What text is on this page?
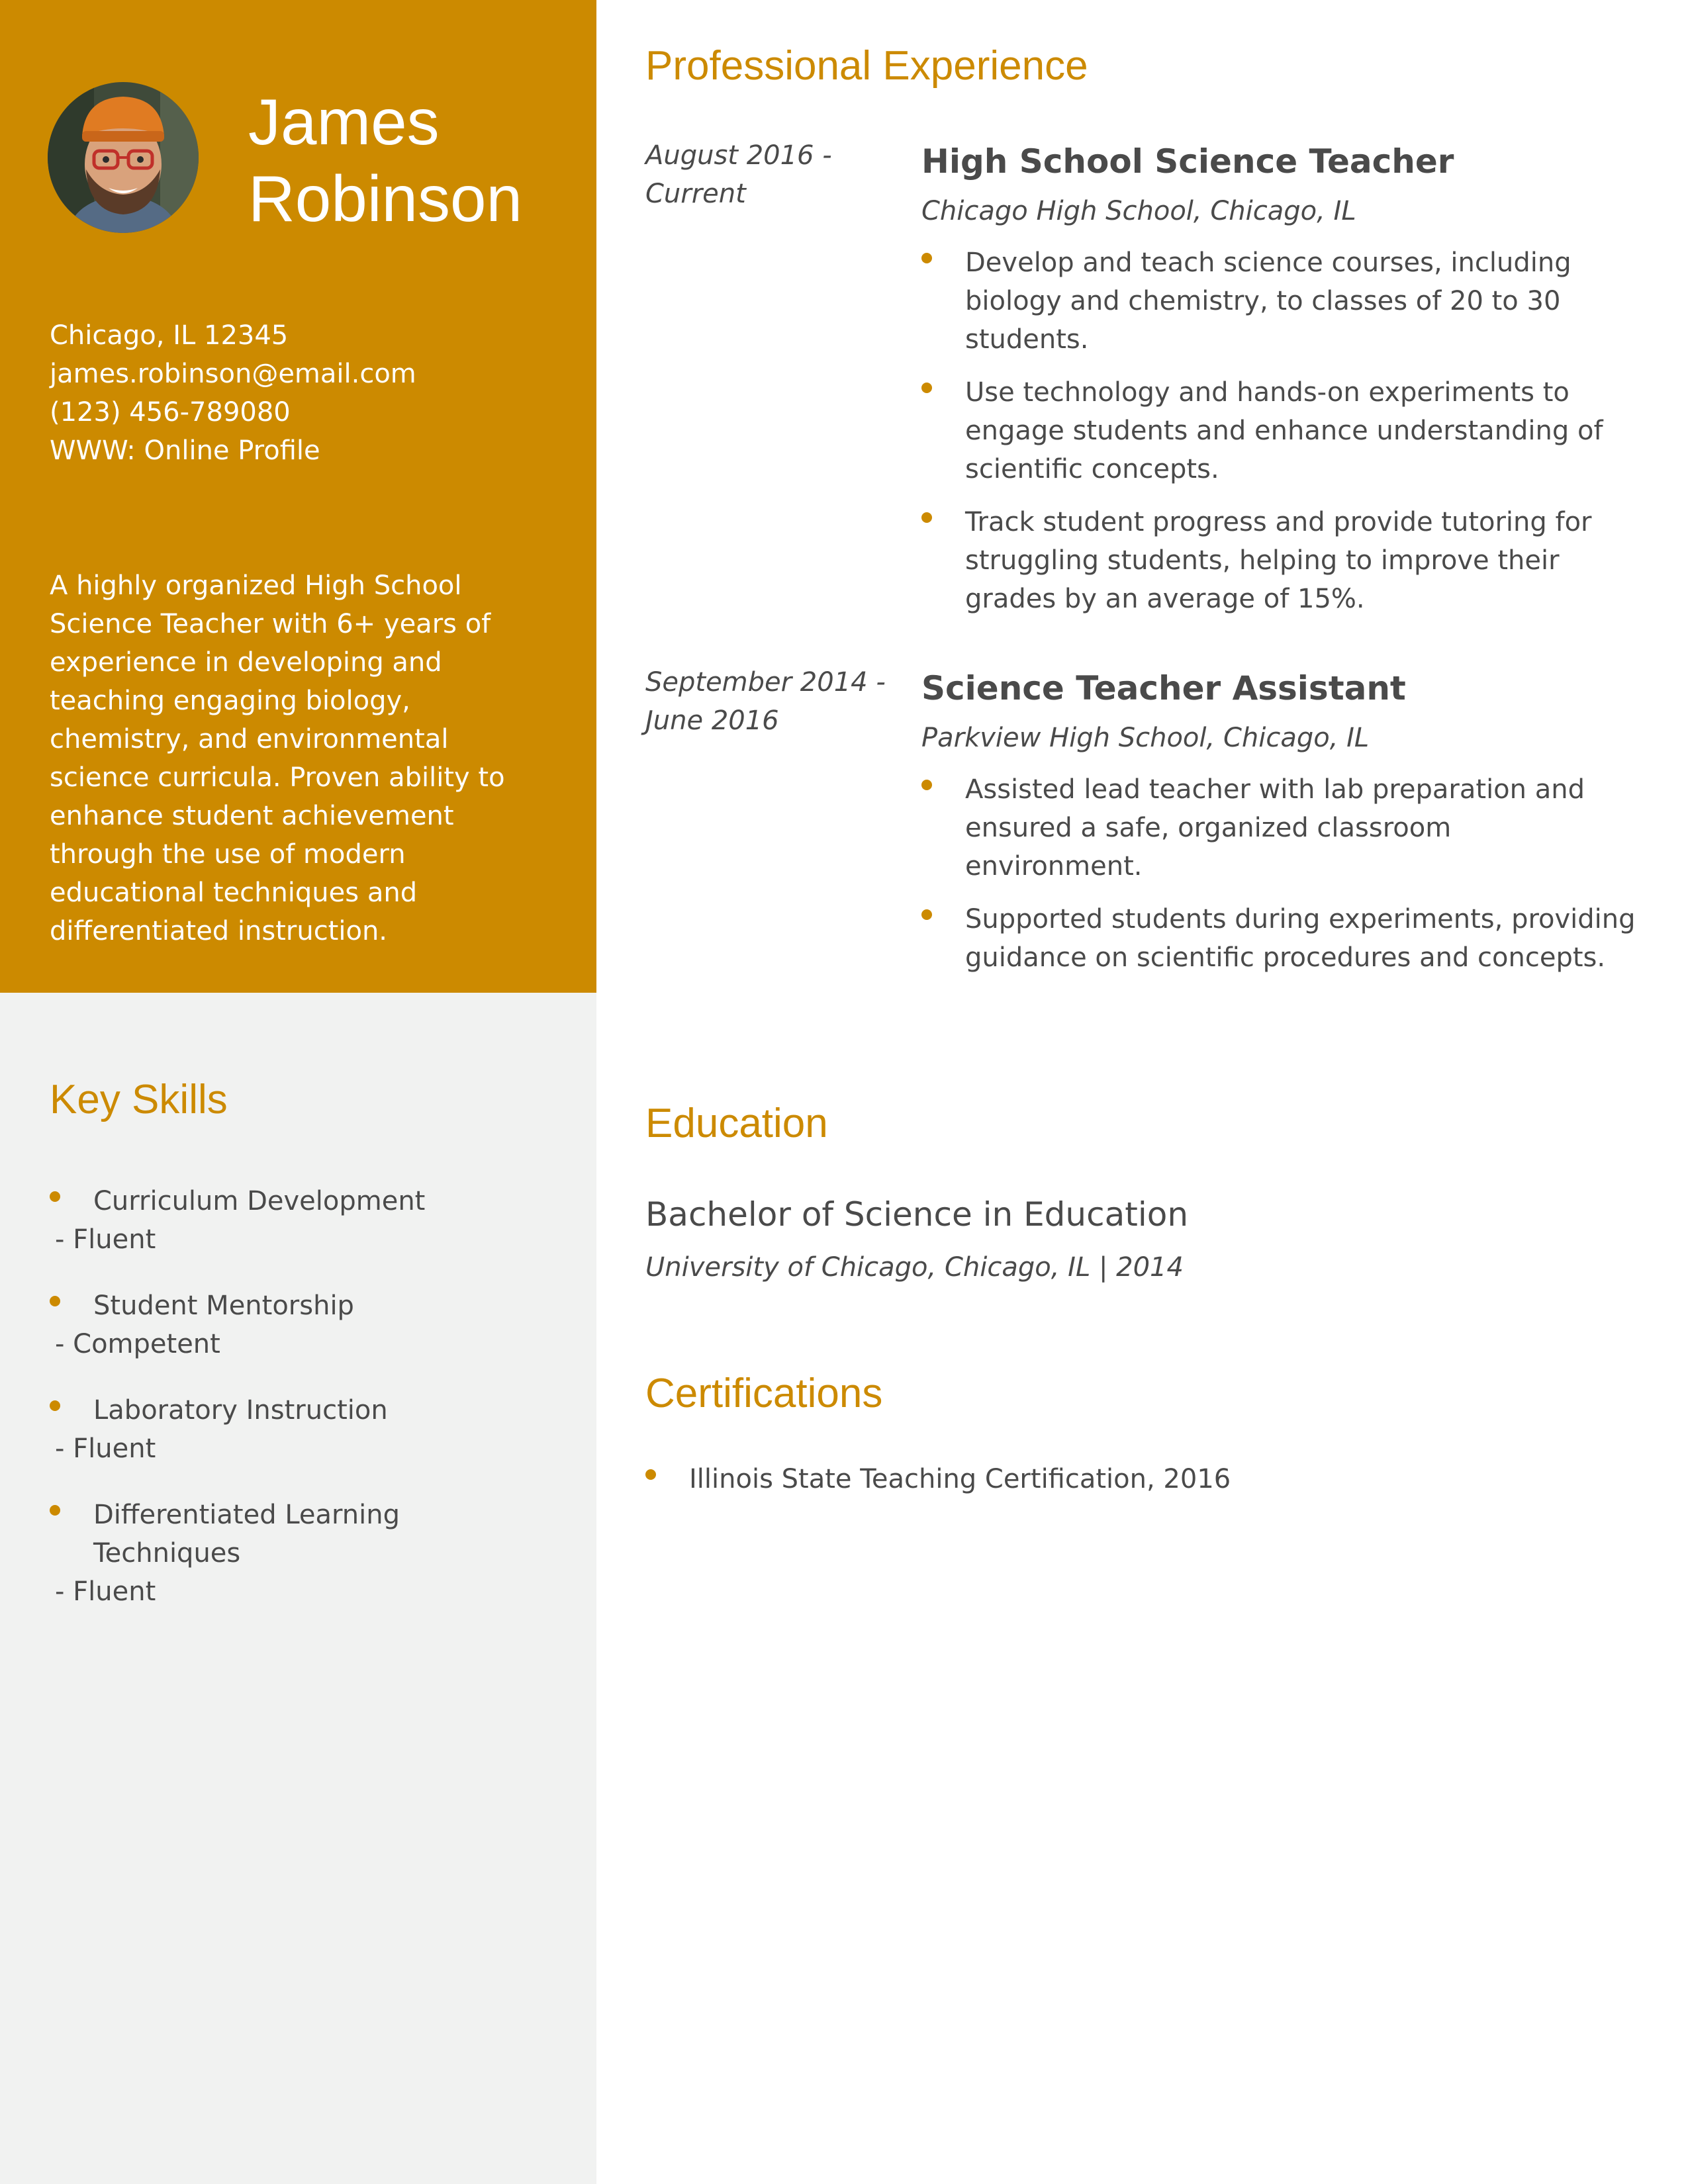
James
Robinson
Chicago, IL 12345
james.robinson@email.com
(123) 456-789080
WWW: Online Profile
A highly organized High School Science Teacher with 6+ years of experience in developing and teaching engaging biology, chemistry, and environmental science curricula. Proven ability to enhance student achievement through the use of modern educational techniques and differentiated instruction.
Key Skills
Curriculum Development
- Fluent
Student Mentorship
- Competent
Laboratory Instruction
- Fluent
Differentiated Learning Techniques
- Fluent
Professional Experience
August 2016 - Current
High School Science Teacher
Chicago High School, Chicago, IL
Develop and teach science courses, including biology and chemistry, to classes of 20 to 30 students.
Use technology and hands-on experiments to engage students and enhance understanding of scientific concepts.
Track student progress and provide tutoring for struggling students, helping to improve their grades by an average of 15%.
September 2014 - June 2016
Science Teacher Assistant
Parkview High School, Chicago, IL
Assisted lead teacher with lab preparation and ensured a safe, organized classroom environment.
Supported students during experiments, providing guidance on scientific procedures and concepts.
Education
Bachelor of Science in Education
University of Chicago, Chicago, IL | 2014
Certifications
Illinois State Teaching Certification, 2016
